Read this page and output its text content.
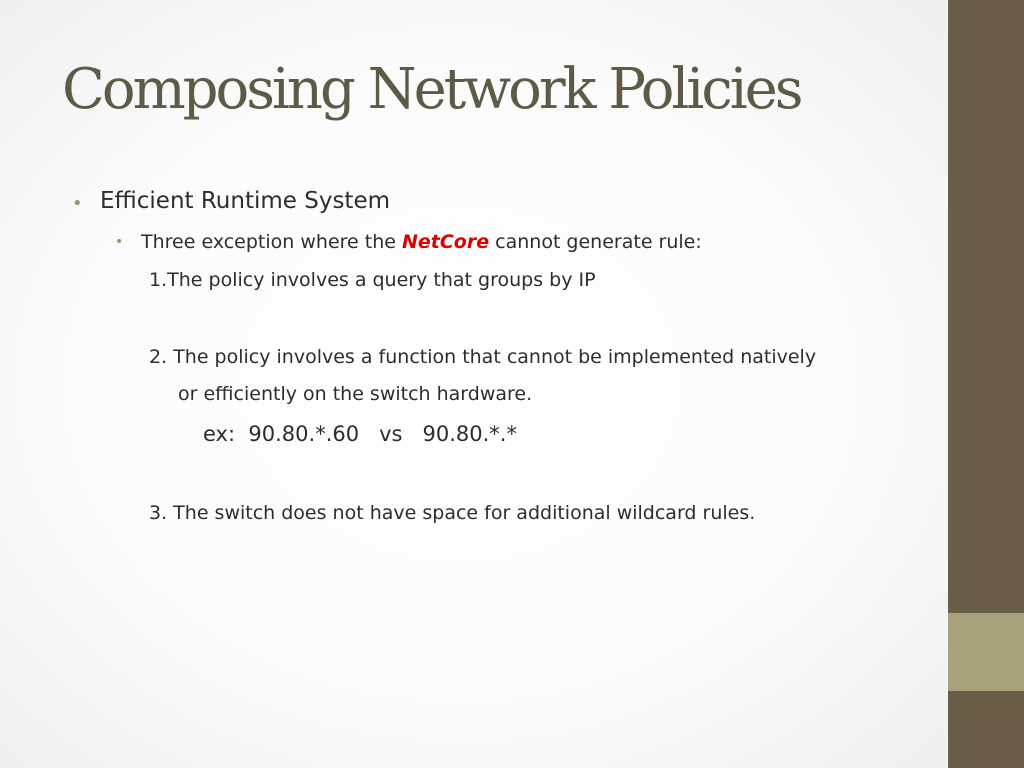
Composing Network Policies
• Efficient Runtime System
• Three exception where the NetCore cannot generate rule:
1.The policy involves a query that groups by IP
2. The policy involves a function that cannot be implemented natively
or efficiently on the switch hardware.
ex:  90.80.*.60   vs   90.80.*.*
3. The switch does not have space for additional wildcard rules.
